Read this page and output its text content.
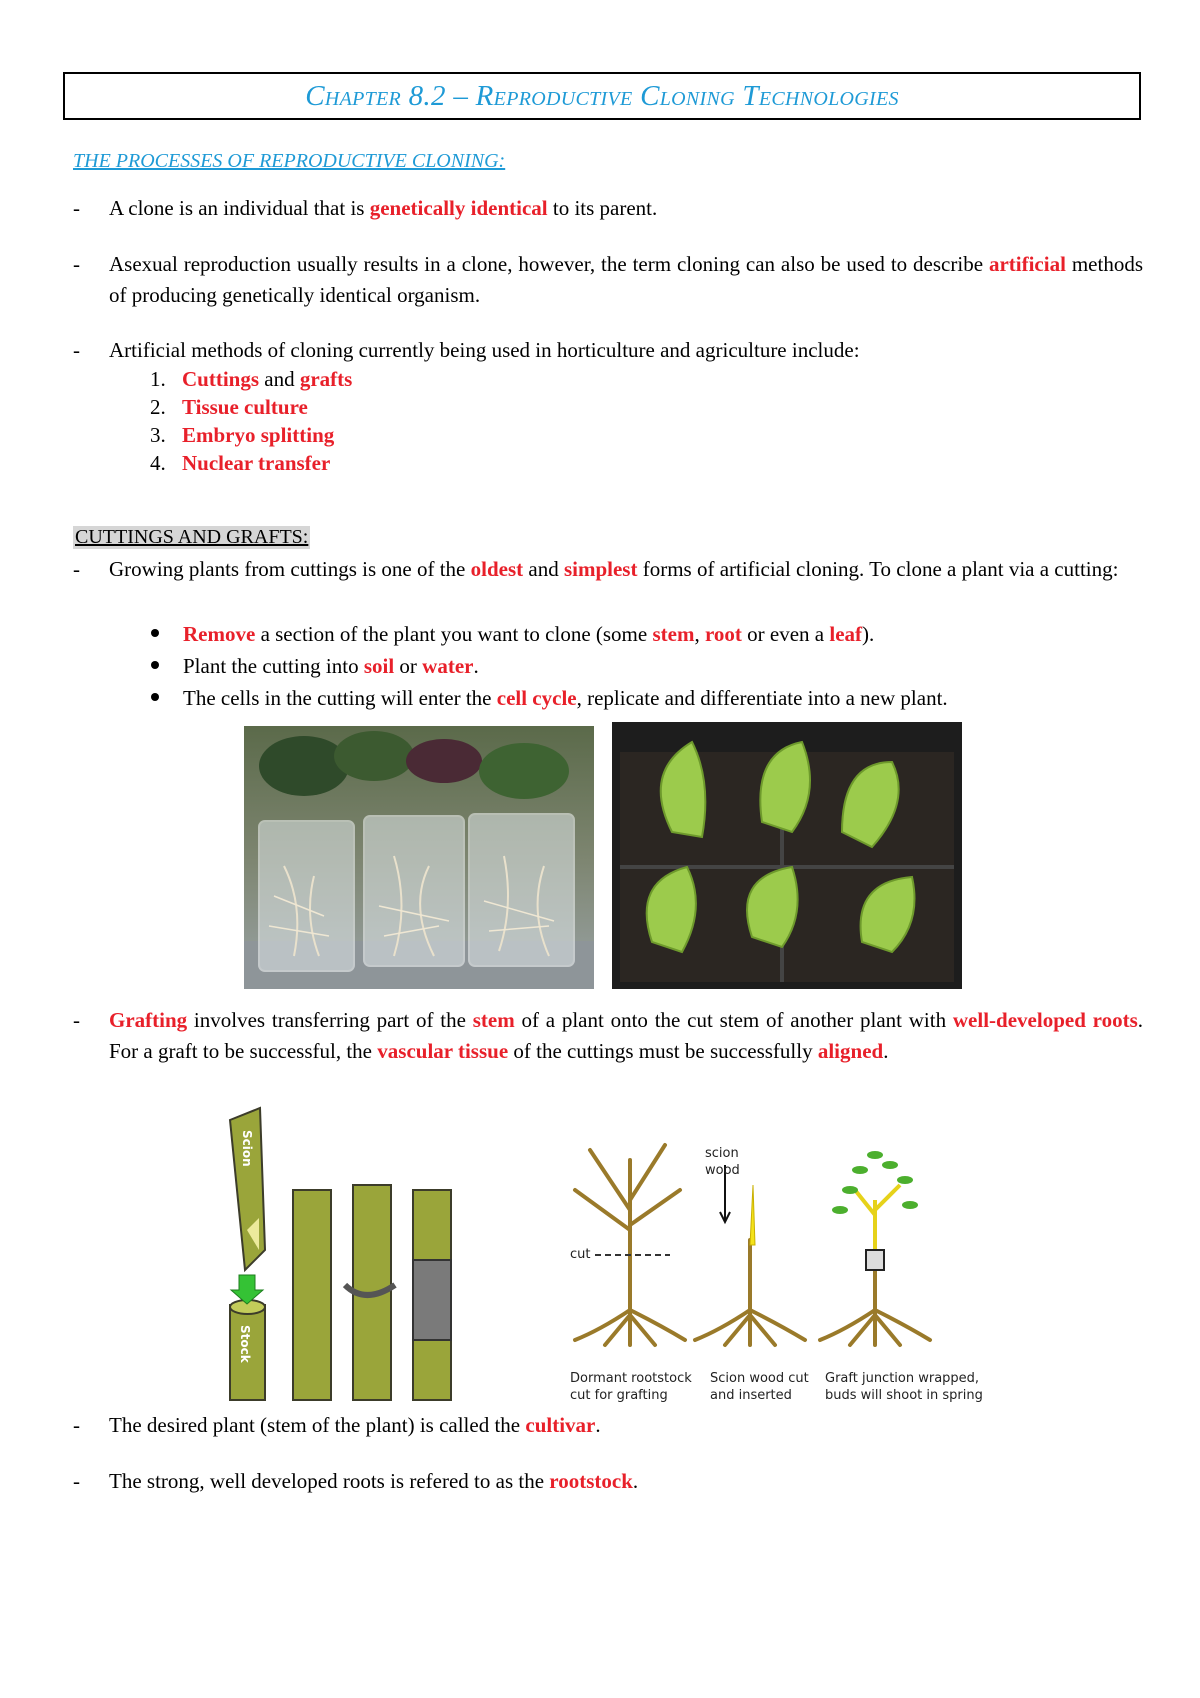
Chapter 8.2 – Reproductive Cloning Technologies
THE PROCESSES OF REPRODUCTIVE CLONING:
- A clone is an individual that is genetically identical to its parent.
- Asexual reproduction usually results in a clone, however, the term cloning can also be used to describe artificial methods of producing genetically identical organism.
- Artificial methods of cloning currently being used in horticulture and agriculture include:
1. Cuttings and grafts
2. Tissue culture
3. Embryo splitting
4. Nuclear transfer
CUTTINGS AND GRAFTS:
- Growing plants from cuttings is one of the oldest and simplest forms of artificial cloning. To clone a plant via a cutting:
Remove a section of the plant you want to clone (some stem, root or even a leaf).
Plant the cutting into soil or water.
The cells in the cutting will enter the cell cycle, replicate and differentiate into a new plant.
- Grafting involves transferring part of the stem of a plant onto the cut stem of another plant with well-developed roots. For a graft to be successful, the vascular tissue of the cuttings must be successfully aligned.
Scion
Stock
cut
scion
wood
Dormant rootstock
cut for grafting
Scion wood cut
and inserted
Graft junction wrapped,
buds will shoot in spring
- The desired plant (stem of the plant) is called the cultivar.
- The strong, well developed roots is refered to as the rootstock.
